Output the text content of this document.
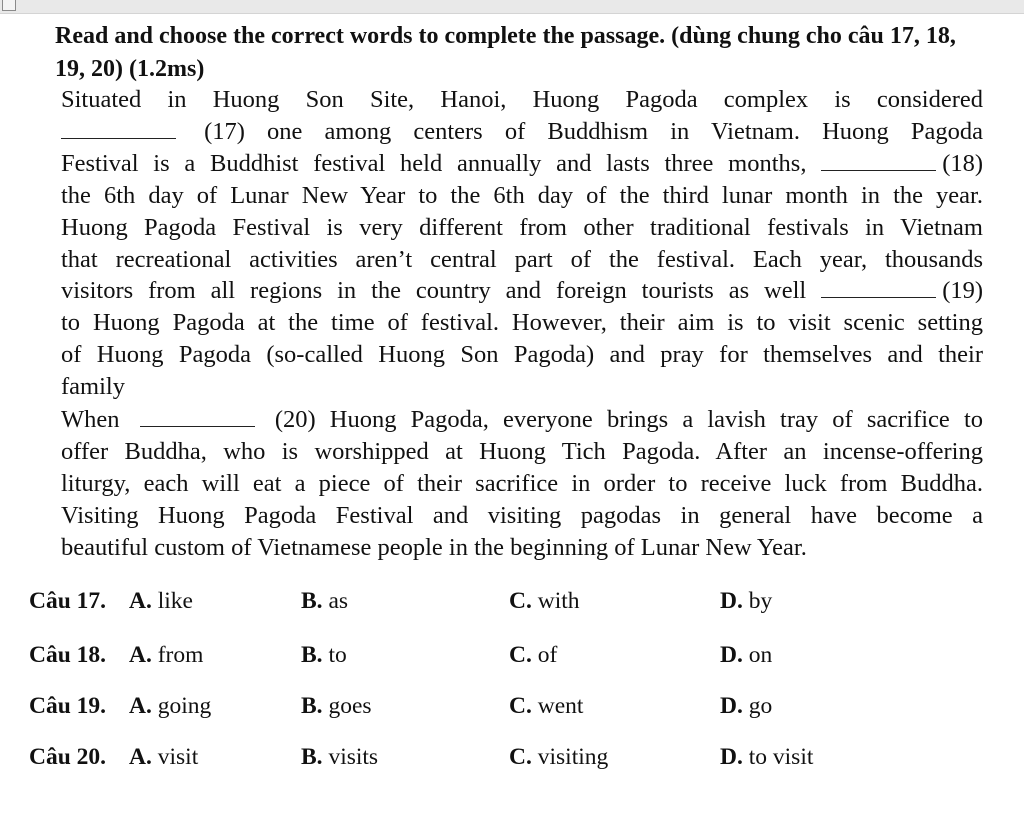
Read and choose the correct words to complete the passage. (dùng chung cho câu 17, 18, 19, 20) (1.2ms)

Situated in Huong Son Site, Hanoi, Huong Pagoda complex is considered
(17) one among centers of Buddhism in Vietnam. Huong Pagoda
Festival is a Buddhist festival held annually and lasts three months,	(18)
the 6th day of Lunar New Year to the 6th day of the third lunar month in the year.
Huong Pagoda Festival is very different from other traditional festivals in Vietnam
that recreational activities aren’t central part of the festival. Each year, thousands
visitors from all regions in the country and foreign tourists as well	(19)
to Huong Pagoda at the time of festival. However, their aim is to visit scenic setting
of Huong Pagoda (so-called Huong Son Pagoda) and pray for themselves and their
family
When	(20) Huong Pagoda, everyone brings a lavish tray of sacrifice to
offer Buddha, who is worshipped at Huong Tich Pagoda. After an incense-offering
liturgy, each will eat a piece of their sacrifice in order to receive luck from Buddha.
Visiting Huong Pagoda Festival and visiting pagodas in general have become a
beautiful custom of Vietnamese people in the beginning of Lunar New Year.
Câu 17. A. like	B. as	C. with	D. by
Câu 18. A. from	B. to	C. of	D. on
Câu 19. A. going	B. goes	C. went	D. go
Câu 20. A. visit	B. visits	C. visiting	D. to visit
